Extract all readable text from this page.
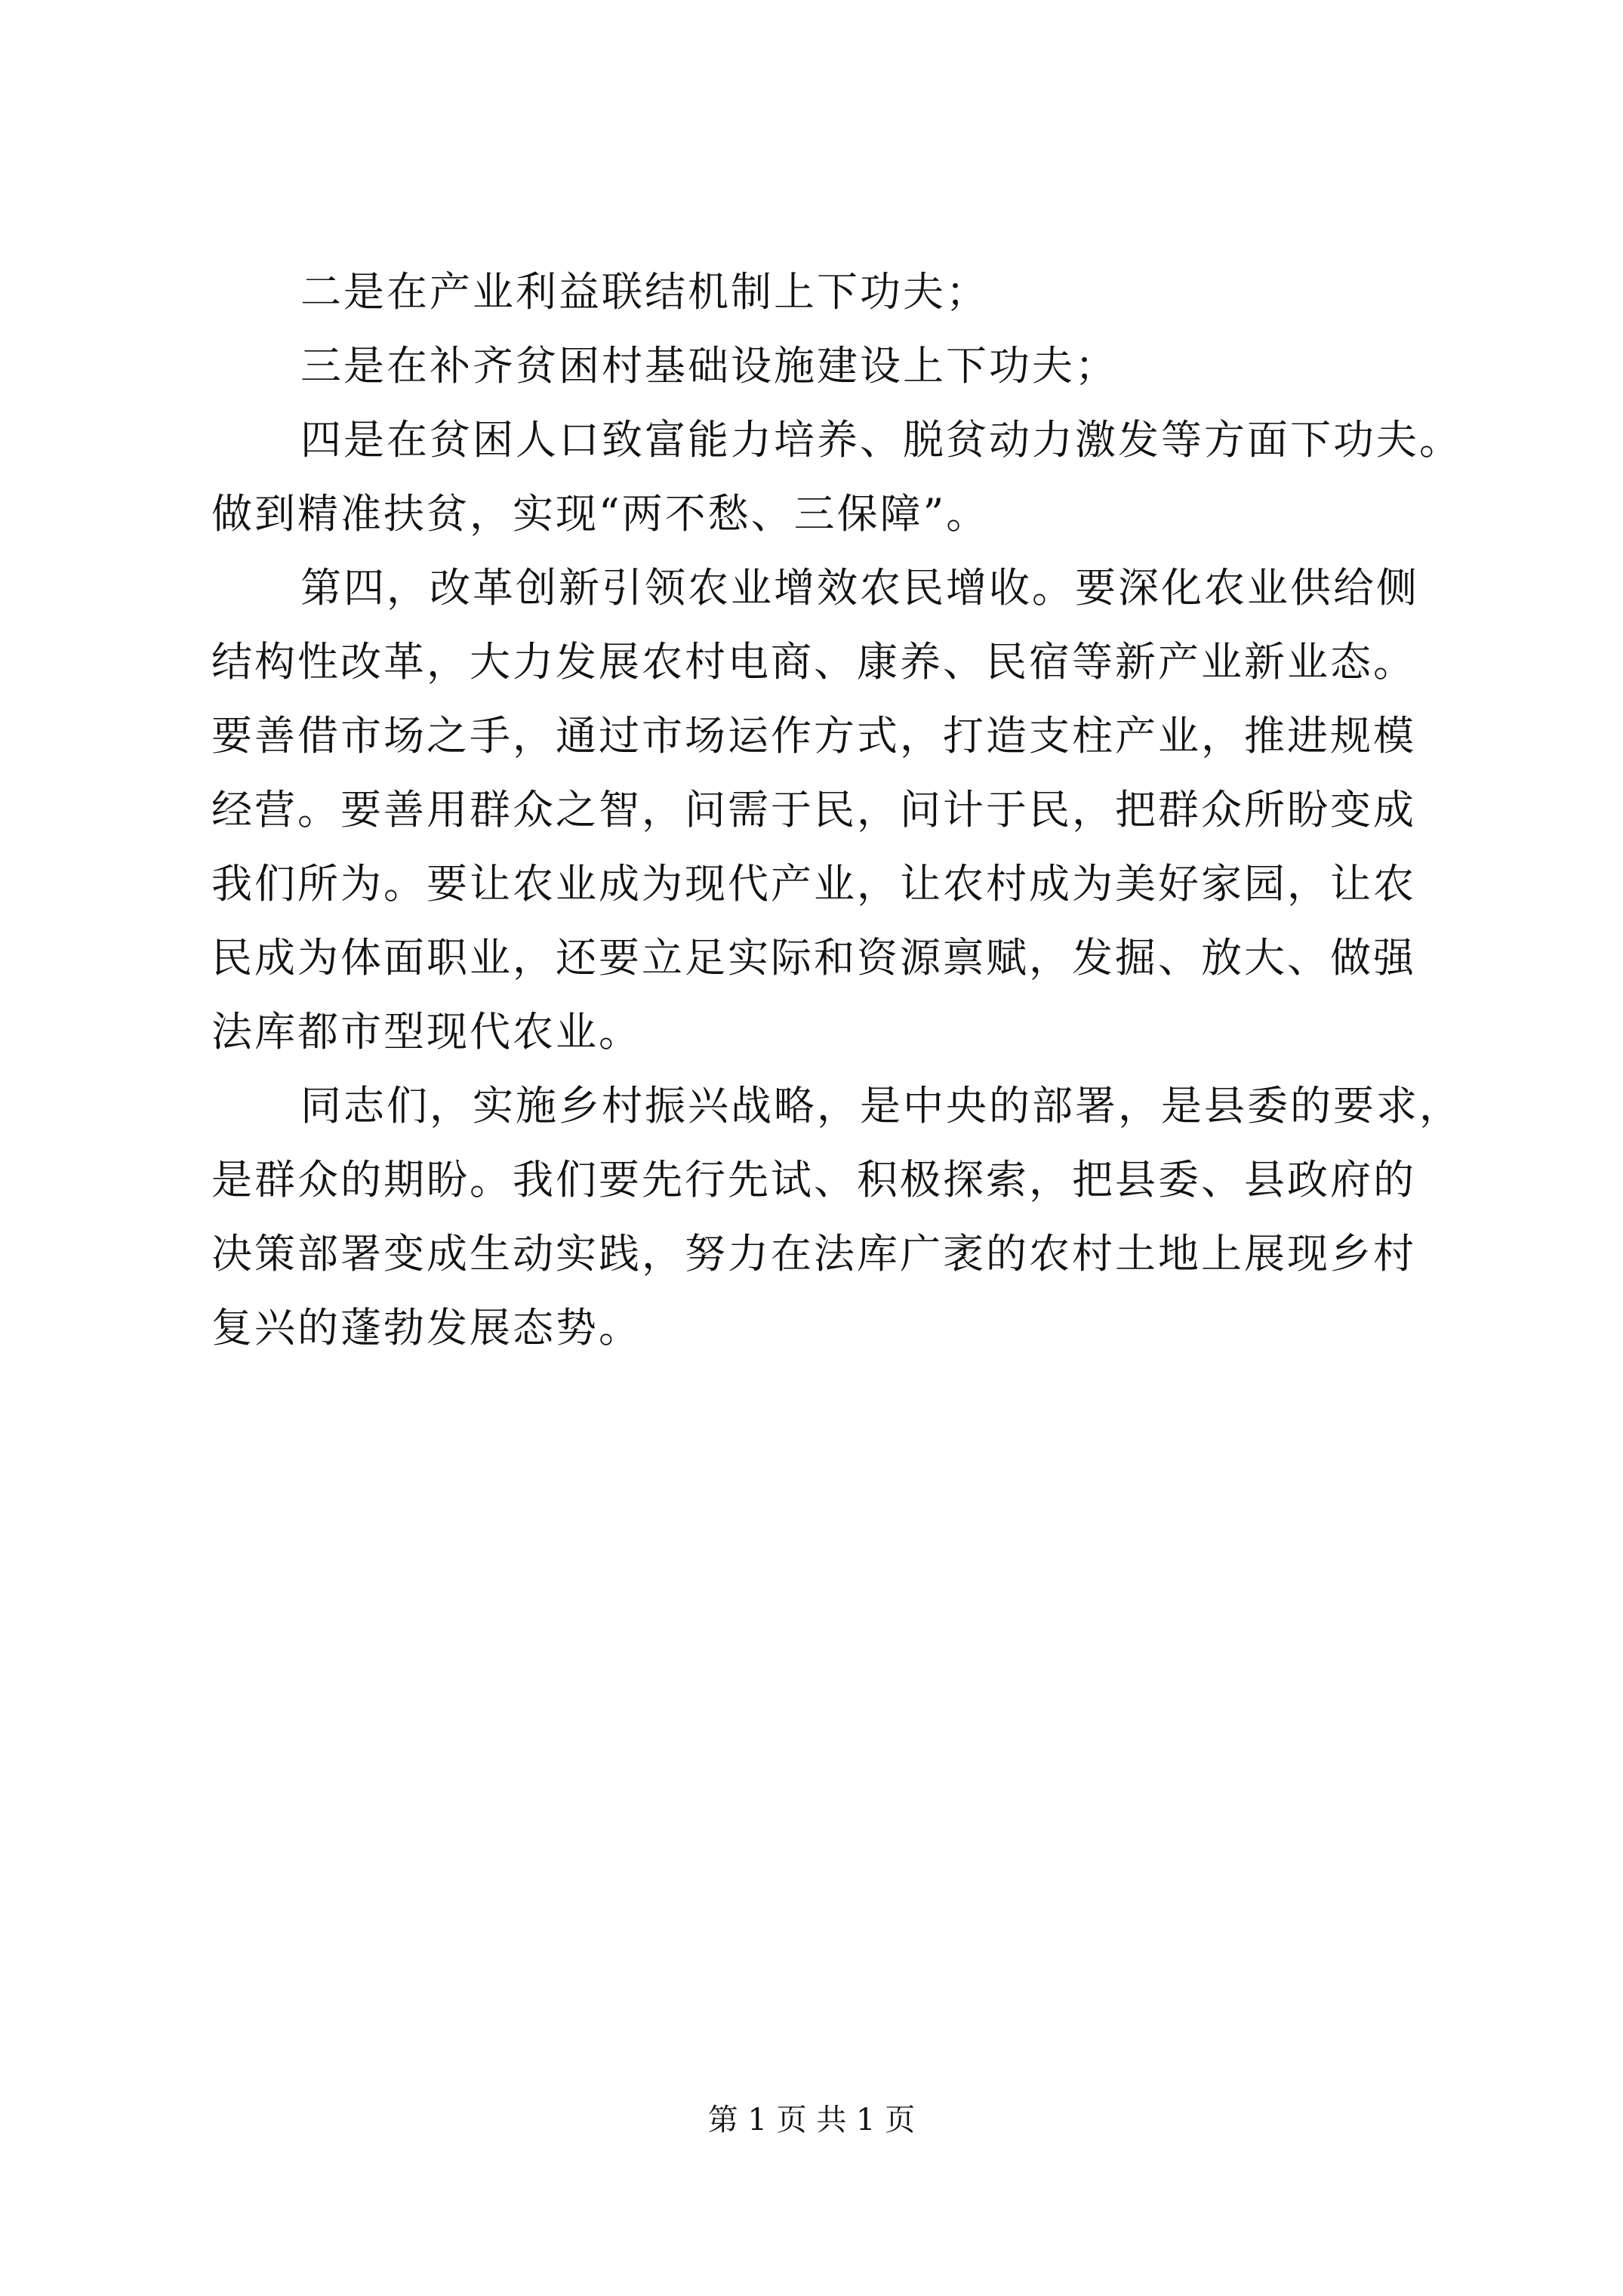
二是在产业利益联结机制上下功夫；
三是在补齐贫困村基础设施建设上下功夫；
四是在贫困人口致富能力培养、脱贫动力激发等方面下功夫。
做到精准扶贫，实现“两不愁、三保障”。
第四，改革创新引领农业增效农民增收。要深化农业供给侧
结构性改革，大力发展农村电商、康养、民宿等新产业新业态。
要善借市场之手，通过市场运作方式，打造支柱产业，推进规模
经营。要善用群众之智，问需于民，问计于民，把群众所盼变成
我们所为。要让农业成为现代产业，让农村成为美好家园，让农
民成为体面职业，还要立足实际和资源禀赋，发掘、放大、做强
法库都市型现代农业。
同志们，实施乡村振兴战略，是中央的部署，是县委的要求，
是群众的期盼。我们要先行先试、积极探索，把县委、县政府的
决策部署变成生动实践，努力在法库广袤的农村土地上展现乡村
复兴的蓬勃发展态势。
第 1 页 共 1 页
